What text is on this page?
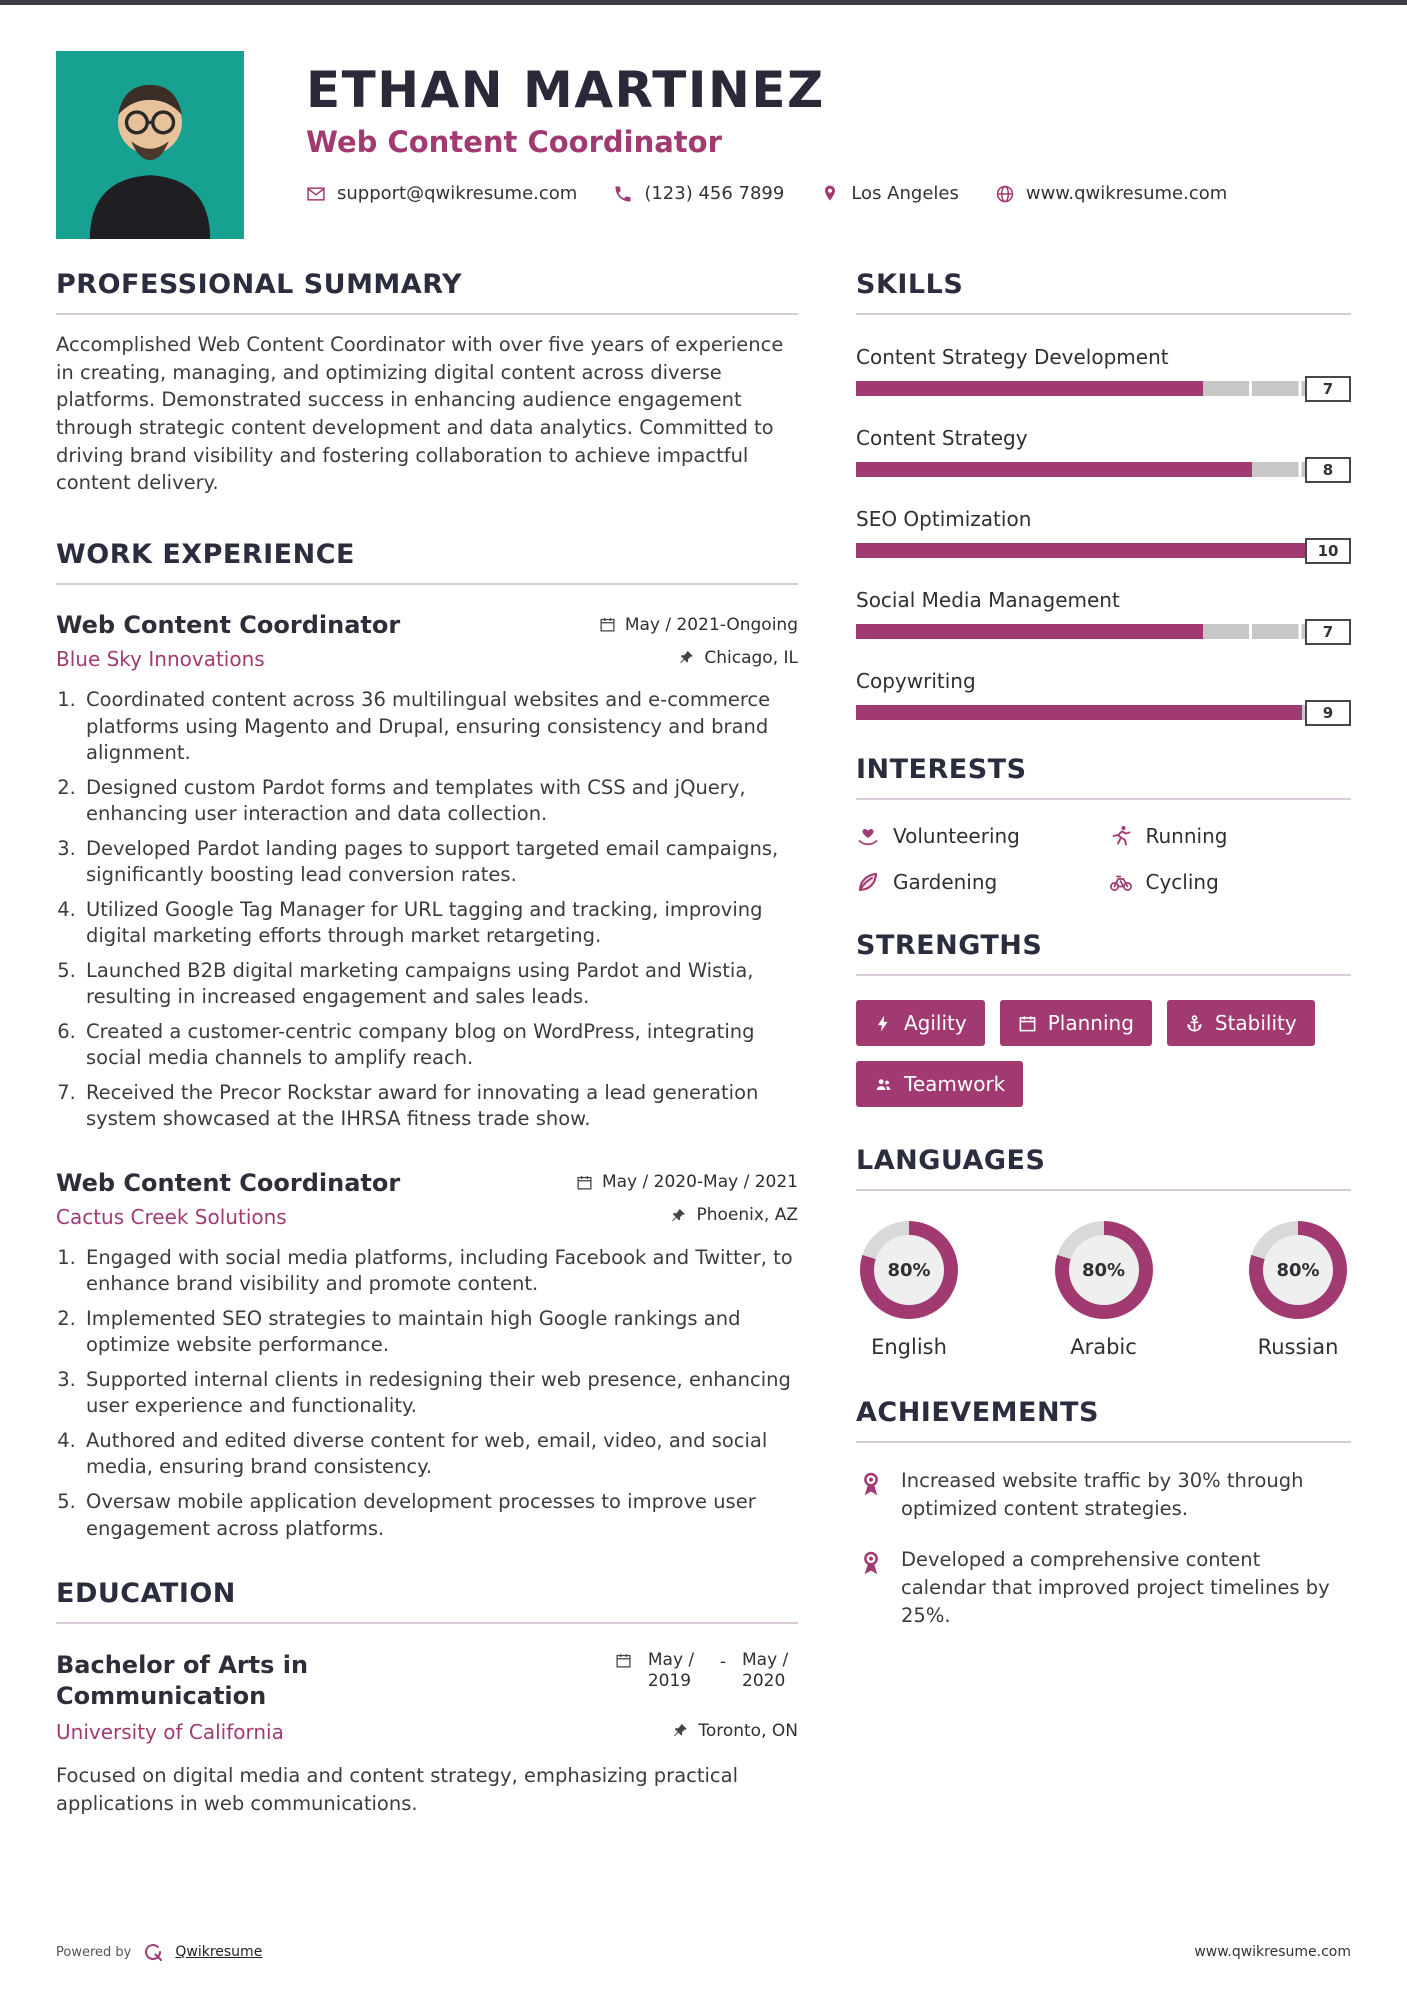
ETHAN MARTINEZ
Web Content Coordinator
support@qwikresume.com	(123) 456 7899	Los Angeles	www.qwikresume.com
PROFESSIONAL SUMMARY

Accomplished Web Content Coordinator with over five years of experience in creating, managing, and optimizing digital content across diverse platforms. Demonstrated success in enhancing audience engagement through strategic content development and data analytics. Committed to driving brand visibility and fostering collaboration to achieve impactful content delivery.

WORK EXPERIENCE
Web Content Coordinator	May / 2021-Ongoing
Blue Sky Innovations	Chicago, IL
1. Coordinated content across 36 multilingual websites and e-commerce platforms using Magento and Drupal, ensuring consistency and brand alignment.
2. Designed custom Pardot forms and templates with CSS and jQuery, enhancing user interaction and data collection.
3. Developed Pardot landing pages to support targeted email campaigns, significantly boosting lead conversion rates.
4. Utilized Google Tag Manager for URL tagging and tracking, improving digital marketing efforts through market retargeting.
5. Launched B2B digital marketing campaigns using Pardot and Wistia, resulting in increased engagement and sales leads.
6. Created a customer-centric company blog on WordPress, integrating social media channels to amplify reach.
7. Received the Precor Rockstar award for innovating a lead generation system showcased at the IHRSA fitness trade show.
Web Content Coordinator	May / 2020-May / 2021
Cactus Creek Solutions	Phoenix, AZ
1. Engaged with social media platforms, including Facebook and Twitter, to enhance brand visibility and promote content.
2. Implemented SEO strategies to maintain high Google rankings and optimize website performance.
3. Supported internal clients in redesigning their web presence, enhancing user experience and functionality.
4. Authored and edited diverse content for web, email, video, and social media, ensuring brand consistency.
5. Oversaw mobile application development processes to improve user engagement across platforms.
EDUCATION
Bachelor of Arts in Communication
May / 2019
- May / 2020
University of California	Toronto, ON

Focused on digital media and content strategy, emphasizing practical applications in web communications.

SKILLS
Content Strategy Development
7
Content Strategy
8
SEO Optimization
10
Social Media Management
7
Copywriting
9
INTERESTS
Volunteering	Running
Gardening	Cycling
STRENGTHS
Agility	Planning	Stability
Teamwork
LANGUAGES
80%
English
80%
Arabic
80%
Russian
ACHIEVEMENTS
Increased website traffic by 30% through optimized content strategies.
Developed a comprehensive content calendar that improved project timelines by 25%.
Powered by	Qwikresume	www.qwikresume.com
